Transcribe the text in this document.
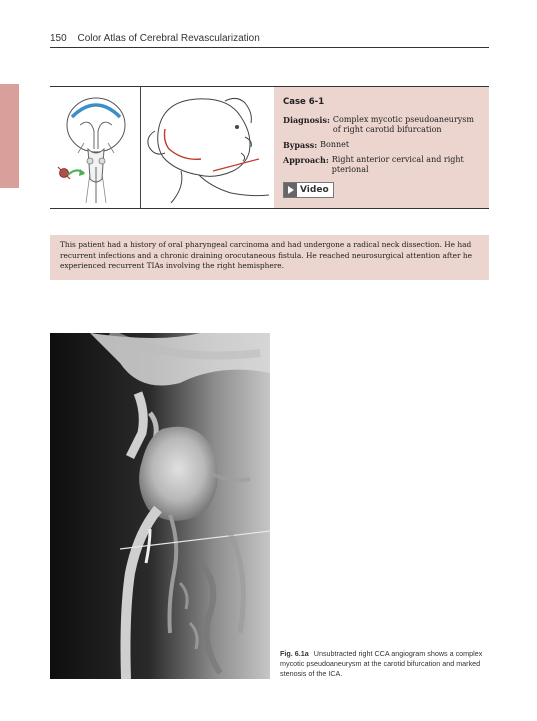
150 Color Atlas of Cerebral Revascularization
Case 6-1
Diagnosis: Complex mycotic pseudoaneurysm of right carotid bifurcation
Bypass: Bonnet
Approach: Right anterior cervical and right pterional
Video
This patient had a history of oral pharyngeal carcinoma and had undergone a radical neck dissection. He had recurrent infections and a chronic draining orocutaneous fistula. He reached neurosurgical attention after he experienced recurrent TIAs involving the right hemisphere.
Fig. 6.1a Unsubtracted right CCA angiogram shows a complex mycotic pseudoaneurysm at the carotid bifurcation and marked stenosis of the ICA.
